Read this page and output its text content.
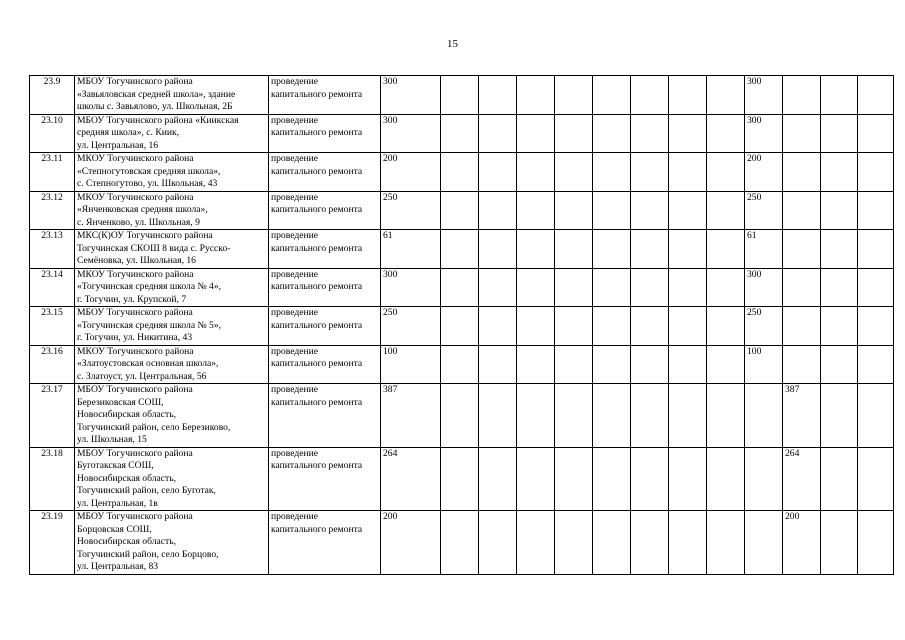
15
23.9	МБОУ Тогучинского района
«Завьяловская средней школа», здание
школы с. Завьялово, ул. Школьная, 2Б	проведение
капитального ремонта	300									300			
23.10	МБОУ Тогучинского района «Киикская
средняя школа», с. Киик,
ул. Центральная, 16	проведение
капитального ремонта	300									300			
23.11	МКОУ Тогучинского района
«Степногутовская средняя школа»,
с. Степногутово, ул. Школьная, 43	проведение
капитального ремонта	200									200			
23.12	МКОУ Тогучинского района
«Янченковская средняя школа»,
с. Янченково, ул. Школьная, 9	проведение
капитального ремонта	250									250			
23.13	МКС(К)ОУ Тогучинского района
Тогучинская СКОШ 8 вида с. Русско-
Семёновка, ул. Школьная, 16	проведение
капитального ремонта	61									61			
23.14	МКОУ Тогучинского района
«Тогучинская средняя школа № 4»,
г. Тогучин, ул. Крупской, 7	проведение
капитального ремонта	300									300			
23.15	МБОУ Тогучинского района
«Тогучинская средняя школа № 5»,
г. Тогучин, ул. Никитина, 43	проведение
капитального ремонта	250									250			
23.16	МКОУ Тогучинского района
«Златоустовская основная школа»,
с. Златоуст, ул. Центральная, 56	проведение
капитального ремонта	100									100			
23.17	МБОУ Тогучинского района
Березиковская СОШ,
Новосибирская область,
Тогучинский район, село Березиково,
ул. Школьная, 15	проведение
капитального ремонта	387										387		
23.18	МБОУ Тогучинского района
Буготакская СОШ,
Новосибирская область,
Тогучинский район, село Буготак,
ул. Центральная, 1в	проведение
капитального ремонта	264										264		
23.19	МБОУ Тогучинского района
Борцовская СОШ,
Новосибирская область,
Тогучинский район, село Борцово,
ул. Центральная, 83	проведение
капитального ремонта	200										200		
